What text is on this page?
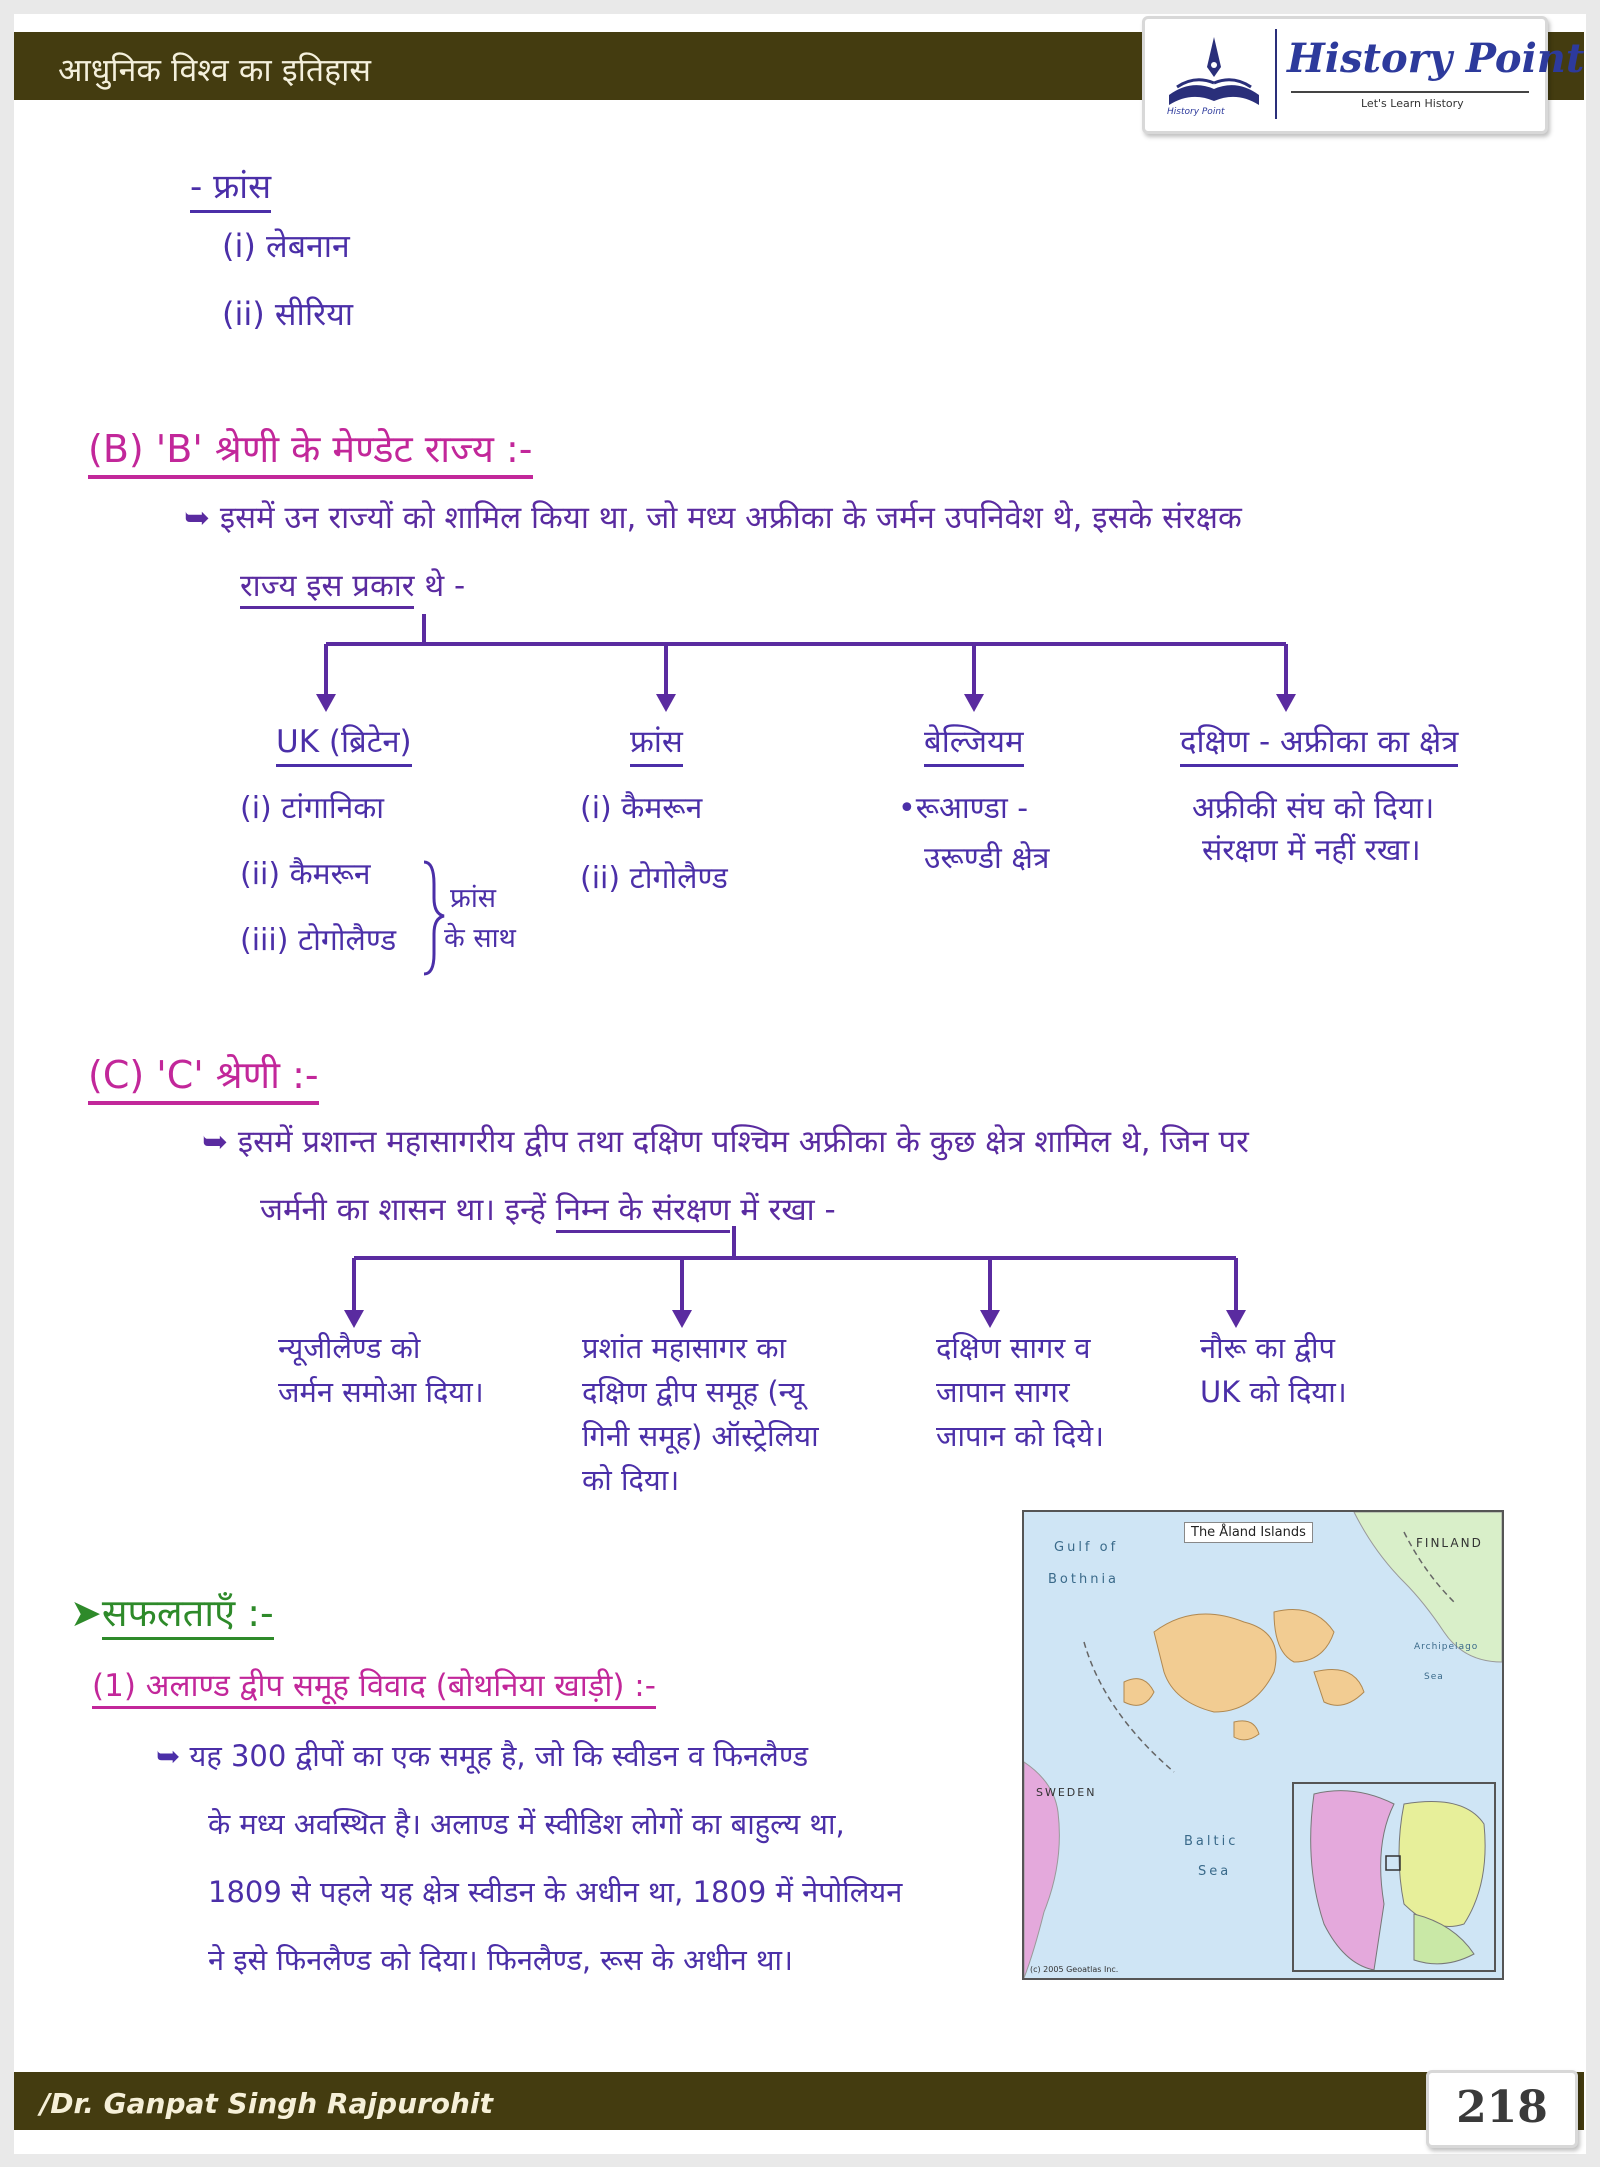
आधुनिक विश्व का इतिहास
History Point
History Point
Let's Learn History
- फ्रांस
(i) लेबनान
(ii) सीरिया
(B) 'B' श्रेणी के मेण्डेट राज्य :-
➥ इसमें उन राज्यों को शामिल किया था, जो मध्य अफ्रीका के जर्मन उपनिवेश थे, इसके संरक्षक
राज्य इस प्रकार थे -
UK (ब्रिटेन)
(i) टांगानिका
(ii) कैमरून
(iii) टोगोलैण्ड
फ्रांस
के साथ
फ्रांस
(i) कैमरून
(ii) टोगोलैण्ड
बेल्जियम
•रूआण्डा -
उरूण्डी क्षेत्र
दक्षिण - अफ्रीका का क्षेत्र
अफ्रीकी संघ को दिया।
संरक्षण में नहीं रखा।
(C) 'C' श्रेणी :-
➥ इसमें प्रशान्त महासागरीय द्वीप तथा दक्षिण पश्चिम अफ्रीका के कुछ क्षेत्र शामिल थे, जिन पर
जर्मनी का शासन था। इन्हें निम्न के संरक्षण में रखा -
न्यूजीलैण्ड को
जर्मन समोआ दिया।
प्रशांत महासागर का
दक्षिण द्वीप समूह (न्यू
गिनी समूह) ऑस्ट्रेलिया
को दिया।
दक्षिण सागर व
जापान सागर
जापान को दिये।
नौरू का द्वीप
UK को दिया।
➤सफलताएँ :-
(1) अलाण्ड द्वीप समूह विवाद (बोथनिया खाड़ी) :-
➥ यह 300 द्वीपों का एक समूह है, जो कि स्वीडन व फिनलैण्ड
के मध्य अवस्थित है। अलाण्ड में स्वीडिश लोगों का बाहुल्य था,
1809 से पहले यह क्षेत्र स्वीडन के अधीन था, 1809 में नेपोलियन
ने इसे फिनलैण्ड को दिया। फिनलैण्ड, रूस के अधीन था।
The Åland Islands
Gulf of
Bothnia
FINLAND
SWEDEN
Baltic
Sea
Archipelago
Sea
(c) 2005 Geoatlas Inc.
/Dr. Ganpat Singh Rajpurohit	218
